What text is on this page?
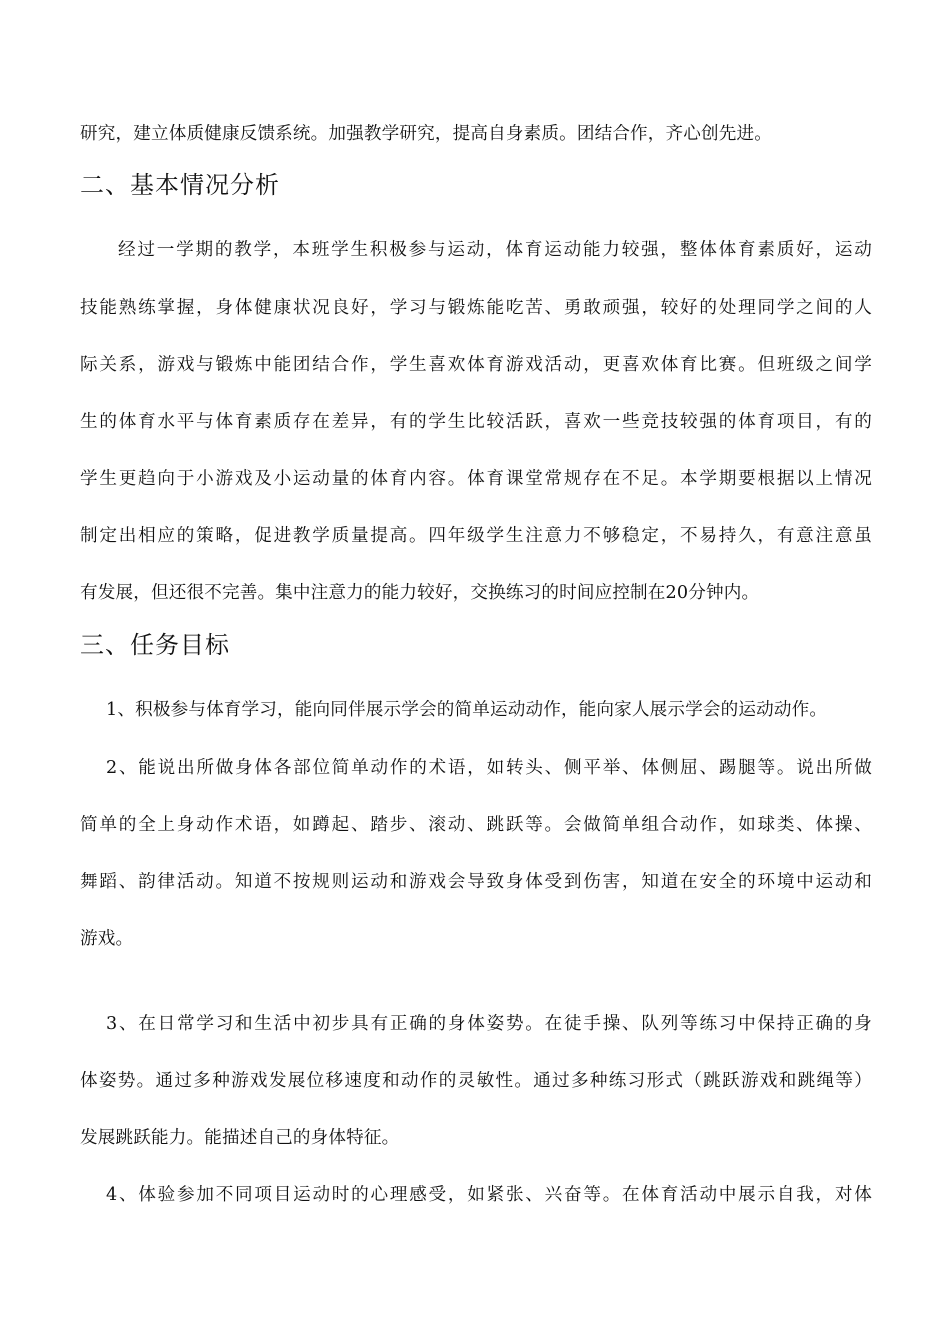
研究，建立体质健康反馈系统。加强教学研究，提高自身素质。团结合作，齐心创先进。
二、基本情况分析
经过一学期的教学，本班学生积极参与运动，体育运动能力较强，整体体育素质好，运动
技能熟练掌握，身体健康状况良好，学习与锻炼能吃苦、勇敢顽强，较好的处理同学之间的人
际关系，游戏与锻炼中能团结合作，学生喜欢体育游戏活动，更喜欢体育比赛。但班级之间学
生的体育水平与体育素质存在差异，有的学生比较活跃，喜欢一些竞技较强的体育项目，有的
学生更趋向于小游戏及小运动量的体育内容。体育课堂常规存在不足。本学期要根据以上情况
制定出相应的策略，促进教学质量提高。四年级学生注意力不够稳定，不易持久，有意注意虽
有发展，但还很不完善。集中注意力的能力较好，交换练习的时间应控制在20分钟内。
三、任务目标
1、积极参与体育学习，能向同伴展示学会的简单运动动作，能向家人展示学会的运动动作。
2、能说出所做身体各部位简单动作的术语，如转头、侧平举、体侧屈、踢腿等。说出所做
简单的全上身动作术语，如蹲起、踏步、滚动、跳跃等。会做简单组合动作，如球类、体操、
舞蹈、韵律活动。知道不按规则运动和游戏会导致身体受到伤害，知道在安全的环境中运动和
游戏。
3、在日常学习和生活中初步具有正确的身体姿势。在徒手操、队列等练习中保持正确的身
体姿势。通过多种游戏发展位移速度和动作的灵敏性。通过多种练习形式（跳跃游戏和跳绳等）
发展跳跃能力。能描述自己的身体特征。
4、体验参加不同项目运动时的心理感受，如紧张、兴奋等。在体育活动中展示自我，对体
